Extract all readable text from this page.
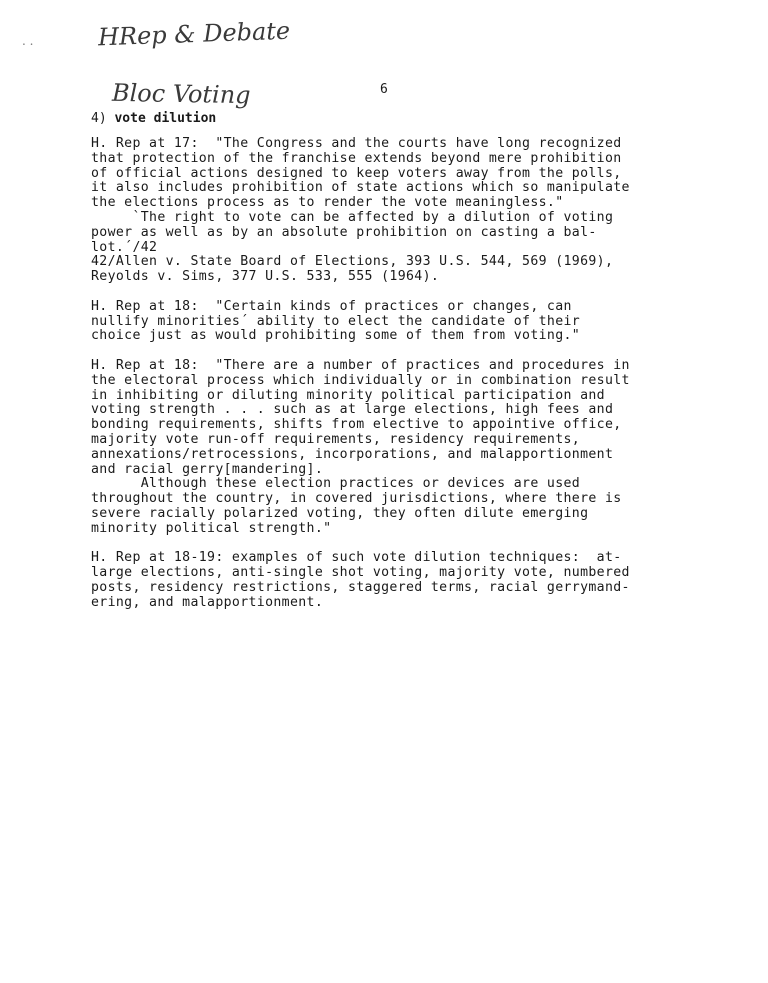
. .	HRep & Debate
Bloc Voting	6
4) vote dilution
H. Rep at 17:  "The Congress and the courts have long recognized
that protection of the franchise extends beyond mere prohibition
of official actions designed to keep voters away from the polls,
it also includes prohibition of state actions which so manipulate
the elections process as to render the vote meaningless."
`The right to vote can be affected by a dilution of voting
power as well as by an absolute prohibition on casting a bal-
lot.´/42
42/Allen v. State Board of Elections, 393 U.S. 544, 569 (1969),
Reyolds v. Sims, 377 U.S. 533, 555 (1964).
H. Rep at 18:  "Certain kinds of practices or changes, can
nullify minorities´ ability to elect the candidate of their
choice just as would prohibiting some of them from voting."
H. Rep at 18:  "There are a number of practices and procedures in
the electoral process which individually or in combination result
in inhibiting or diluting minority political participation and
voting strength . . . such as at large elections, high fees and
bonding requirements, shifts from elective to appointive office,
majority vote run-off requirements, residency requirements,
annexations/retrocessions, incorporations, and malapportionment
and racial gerry[mandering].
Although these election practices or devices are used
throughout the country, in covered jurisdictions, where there is
severe racially polarized voting, they often dilute emerging
minority political strength."
H. Rep at 18-19: examples of such vote dilution techniques:  at-
large elections, anti-single shot voting, majority vote, numbered
posts, residency restrictions, staggered terms, racial gerrymand-
ering, and malapportionment.
